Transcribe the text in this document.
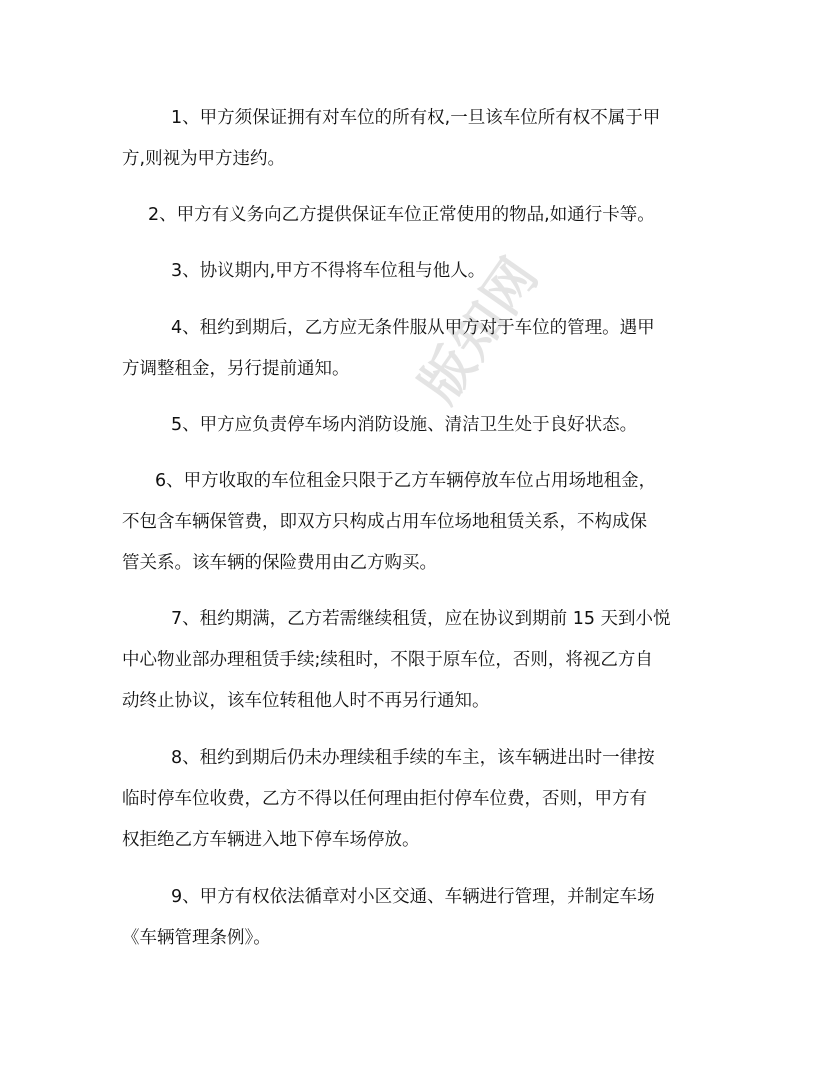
版知网
1、甲方须保证拥有对车位的所有权,一旦该车位所有权不属于甲
方,则视为甲方违约。
2、甲方有义务向乙方提供保证车位正常使用的物品,如通行卡等。
3、协议期内,甲方不得将车位租与他人。
4、租约到期后，乙方应无条件服从甲方对于车位的管理。遇甲
方调整租金，另行提前通知。
5、甲方应负责停车场内消防设施、清洁卫生处于良好状态。
6、甲方收取的车位租金只限于乙方车辆停放车位占用场地租金，
不包含车辆保管费，即双方只构成占用车位场地租赁关系，不构成保
管关系。该车辆的保险费用由乙方购买。
7、租约期满，乙方若需继续租赁，应在协议到期前 15 天到小悦
中心物业部办理租赁手续;续租时，不限于原车位，否则，将视乙方自
动终止协议，该车位转租他人时不再另行通知。
8、租约到期后仍未办理续租手续的车主，该车辆进出时一律按
临时停车位收费，乙方不得以任何理由拒付停车位费，否则，甲方有
权拒绝乙方车辆进入地下停车场停放。
9、甲方有权依法循章对小区交通、车辆进行管理，并制定车场
《车辆管理条例》。
